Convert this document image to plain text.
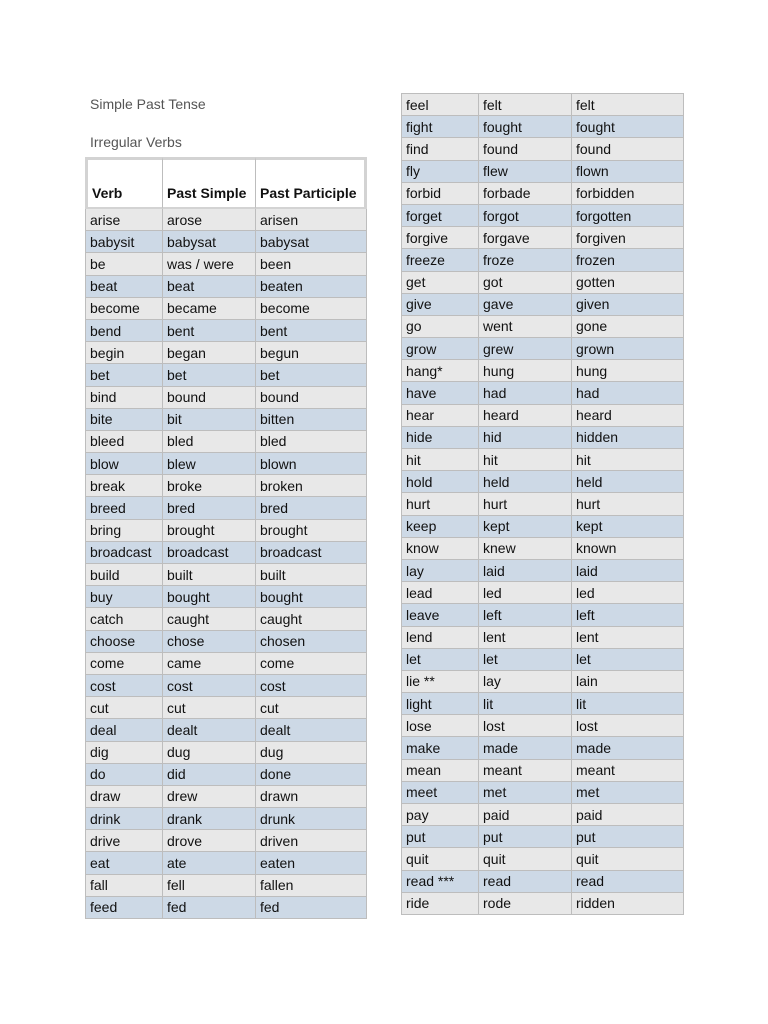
Simple Past Tense
Irregular Verbs
Verb	Past Simple	Past Participle
arise	arose	arisen
babysit	babysat	babysat
be	was / were	been
beat	beat	beaten
become	became	become
bend	bent	bent
begin	began	begun
bet	bet	bet
bind	bound	bound
bite	bit	bitten
bleed	bled	bled
blow	blew	blown
break	broke	broken
breed	bred	bred
bring	brought	brought
broadcast	broadcast	broadcast
build	built	built
buy	bought	bought
catch	caught	caught
choose	chose	chosen
come	came	come
cost	cost	cost
cut	cut	cut
deal	dealt	dealt
dig	dug	dug
do	did	done
draw	drew	drawn
drink	drank	drunk
drive	drove	driven
eat	ate	eaten
fall	fell	fallen
feed	fed	fed
feel	felt	felt
fight	fought	fought
find	found	found
fly	flew	flown
forbid	forbade	forbidden
forget	forgot	forgotten
forgive	forgave	forgiven
freeze	froze	frozen
get	got	gotten
give	gave	given
go	went	gone
grow	grew	grown
hang*	hung	hung
have	had	had
hear	heard	heard
hide	hid	hidden
hit	hit	hit
hold	held	held
hurt	hurt	hurt
keep	kept	kept
know	knew	known
lay	laid	laid
lead	led	led
leave	left	left
lend	lent	lent
let	let	let
lie **	lay	lain
light	lit	lit
lose	lost	lost
make	made	made
mean	meant	meant
meet	met	met
pay	paid	paid
put	put	put
quit	quit	quit
read ***	read	read
ride	rode	ridden
